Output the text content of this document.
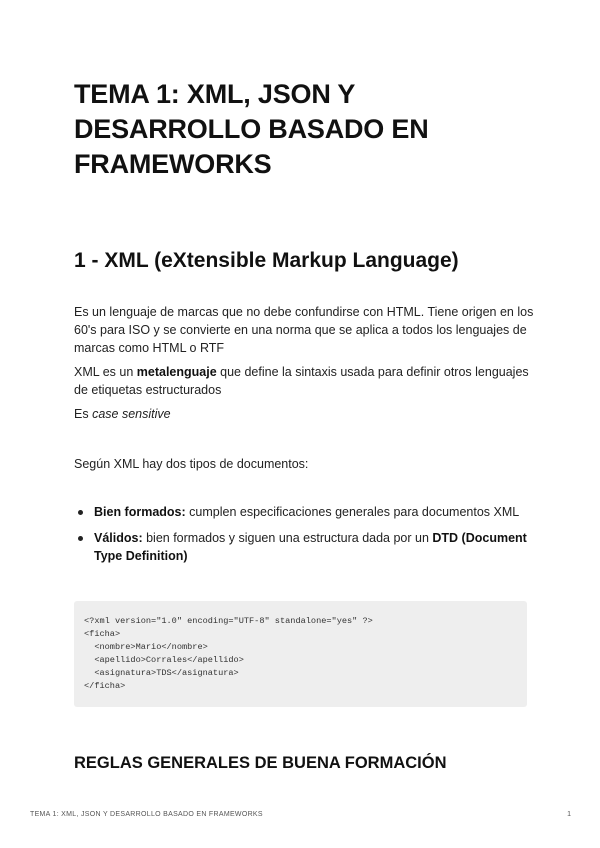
TEMA 1: XML, JSON Y DESARROLLO BASADO EN FRAMEWORKS
1 - XML (eXtensible Markup Language)

Es un lenguaje de marcas que no debe confundirse con HTML. Tiene origen en los 60's para ISO y se convierte en una norma que se aplica a todos los lenguajes de marcas como HTML o RTF

XML es un metalenguaje que define la sintaxis usada para definir otros lenguajes de etiquetas estructurados

Es case sensitive

Según XML hay dos tipos de documentos:

Bien formados: cumplen especificaciones generales para documentos XML
Válidos: bien formados y siguen una estructura dada por un DTD (Document Type Definition)
<?xml version="1.0" encoding="UTF-8" standalone="yes" ?>
<ficha>
<nombre>Mario</nombre>
<apellido>Corrales</apellido>
<asignatura>TDS</asignatura>
</ficha>
REGLAS GENERALES DE BUENA FORMACIÓN
TEMA 1: XML, JSON Y DESARROLLO BASADO EN FRAMEWORKS	1
